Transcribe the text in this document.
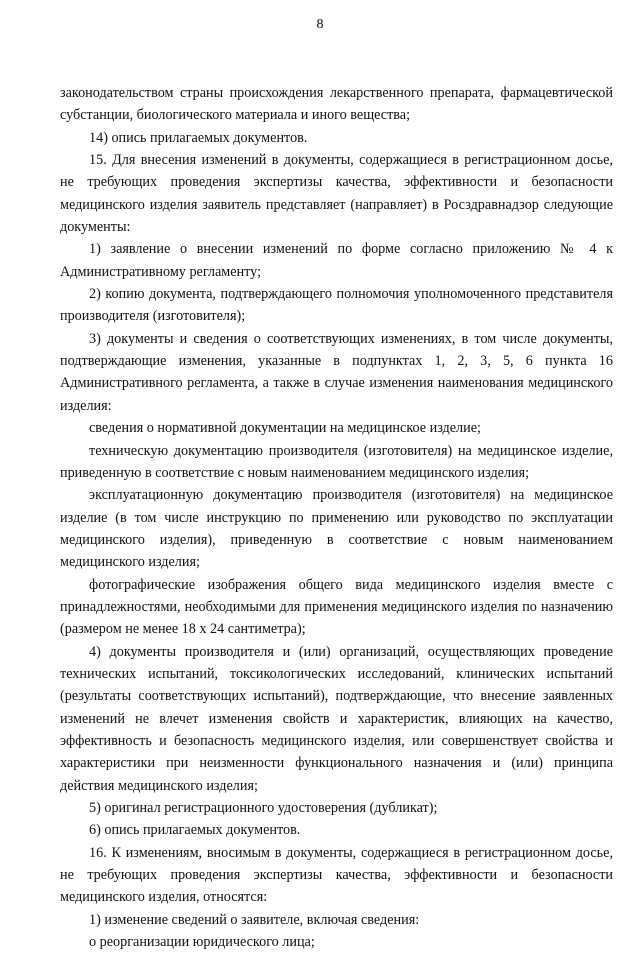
8

законодательством страны происхождения лекарственного препарата, фармацевтической субстанции, биологического материала и иного вещества;

14) опись прилагаемых документов.

15. Для внесения изменений в документы, содержащиеся в регистрационном досье, не требующих проведения экспертизы качества, эффективности и безопасности медицинского изделия заявитель представляет (направляет) в Росздравнадзор следующие документы:

1) заявление о внесении изменений по форме согласно приложению № 4 к Административному регламенту;

2) копию документа, подтверждающего полномочия уполномоченного представителя производителя (изготовителя);

3) документы и сведения о соответствующих изменениях, в том числе документы, подтверждающие изменения, указанные в подпунктах 1, 2, 3, 5, 6 пункта 16 Административного регламента, а также в случае изменения наименования медицинского изделия:

сведения о нормативной документации на медицинское изделие;

техническую документацию производителя (изготовителя) на медицинское изделие, приведенную в соответствие с новым наименованием медицинского изделия;

эксплуатационную документацию производителя (изготовителя) на медицинское изделие (в том числе инструкцию по применению или руководство по эксплуатации медицинского изделия), приведенную в соответствие с новым наименованием медицинского изделия;

фотографические изображения общего вида медицинского изделия вместе с принадлежностями, необходимыми для применения медицинского изделия по назначению (размером не менее 18 х 24 сантиметра);

4) документы производителя и (или) организаций, осуществляющих проведение технических испытаний, токсикологических исследований, клинических испытаний (результаты соответствующих испытаний), подтверждающие, что внесение заявленных изменений не влечет изменения свойств и характеристик, влияющих на качество, эффективность и безопасность медицинского изделия, или совершенствует свойства и характеристики при неизменности функционального назначения и (или) принципа действия медицинского изделия;

5) оригинал регистрационного удостоверения (дубликат);

6) опись прилагаемых документов.

16. К изменениям, вносимым в документы, содержащиеся в регистрационном досье, не требующих проведения экспертизы качества, эффективности и безопасности медицинского изделия, относятся:

1) изменение сведений о заявителе, включая сведения:

о реорганизации юридического лица;
